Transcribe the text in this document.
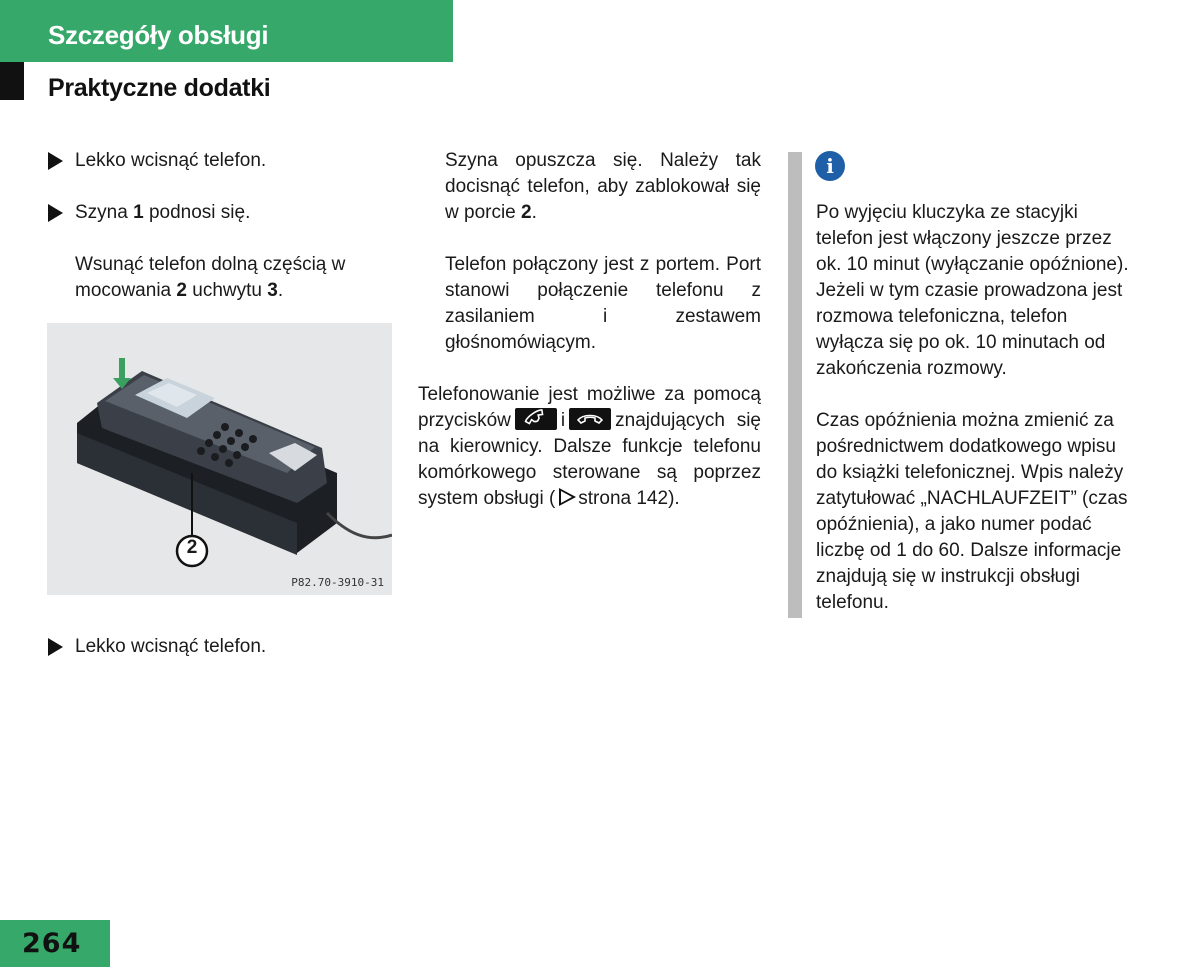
Szczegóły obsługi
Praktyczne dodatki
Lekko wcisnąć telefon.
Szyna 1 podnosi się.

Wsunąć telefon dolną częścią w mocowania 2 uchwytu 3.

2
P82.70-3910-31
Lekko wcisnąć telefon.

Szyna opuszcza się. Należy tak docisnąć telefon, aby zablokował się w porcie 2.

Telefon połączony jest z portem. Port stanowi połączenie telefonu z zasilaniem i zestawem głośnomówiącym.

Telefonowanie jest możliwe za pomocą przycisków	i	znajdujących się na kierownicy. Dalsze funkcje telefonu komórkowego sterowane są poprzez system obsługi ( strona 142).

i

Po wyjęciu kluczyka ze stacyjki telefon jest włączony jeszcze przez ok. 10 minut (wyłączanie opóźnione). Jeżeli w tym czasie prowadzona jest rozmowa telefoniczna, telefon wyłącza się po ok. 10 minutach od zakończenia rozmowy.

Czas opóźnienia można zmienić za pośrednictwem dodatkowego wpisu do książki telefonicznej. Wpis należy zatytułować „NACHLAUFZEIT” (czas opóźnienia), a jako numer podać liczbę od 1 do 60. Dalsze informacje znajdują się w instrukcji obsługi telefonu.

264
